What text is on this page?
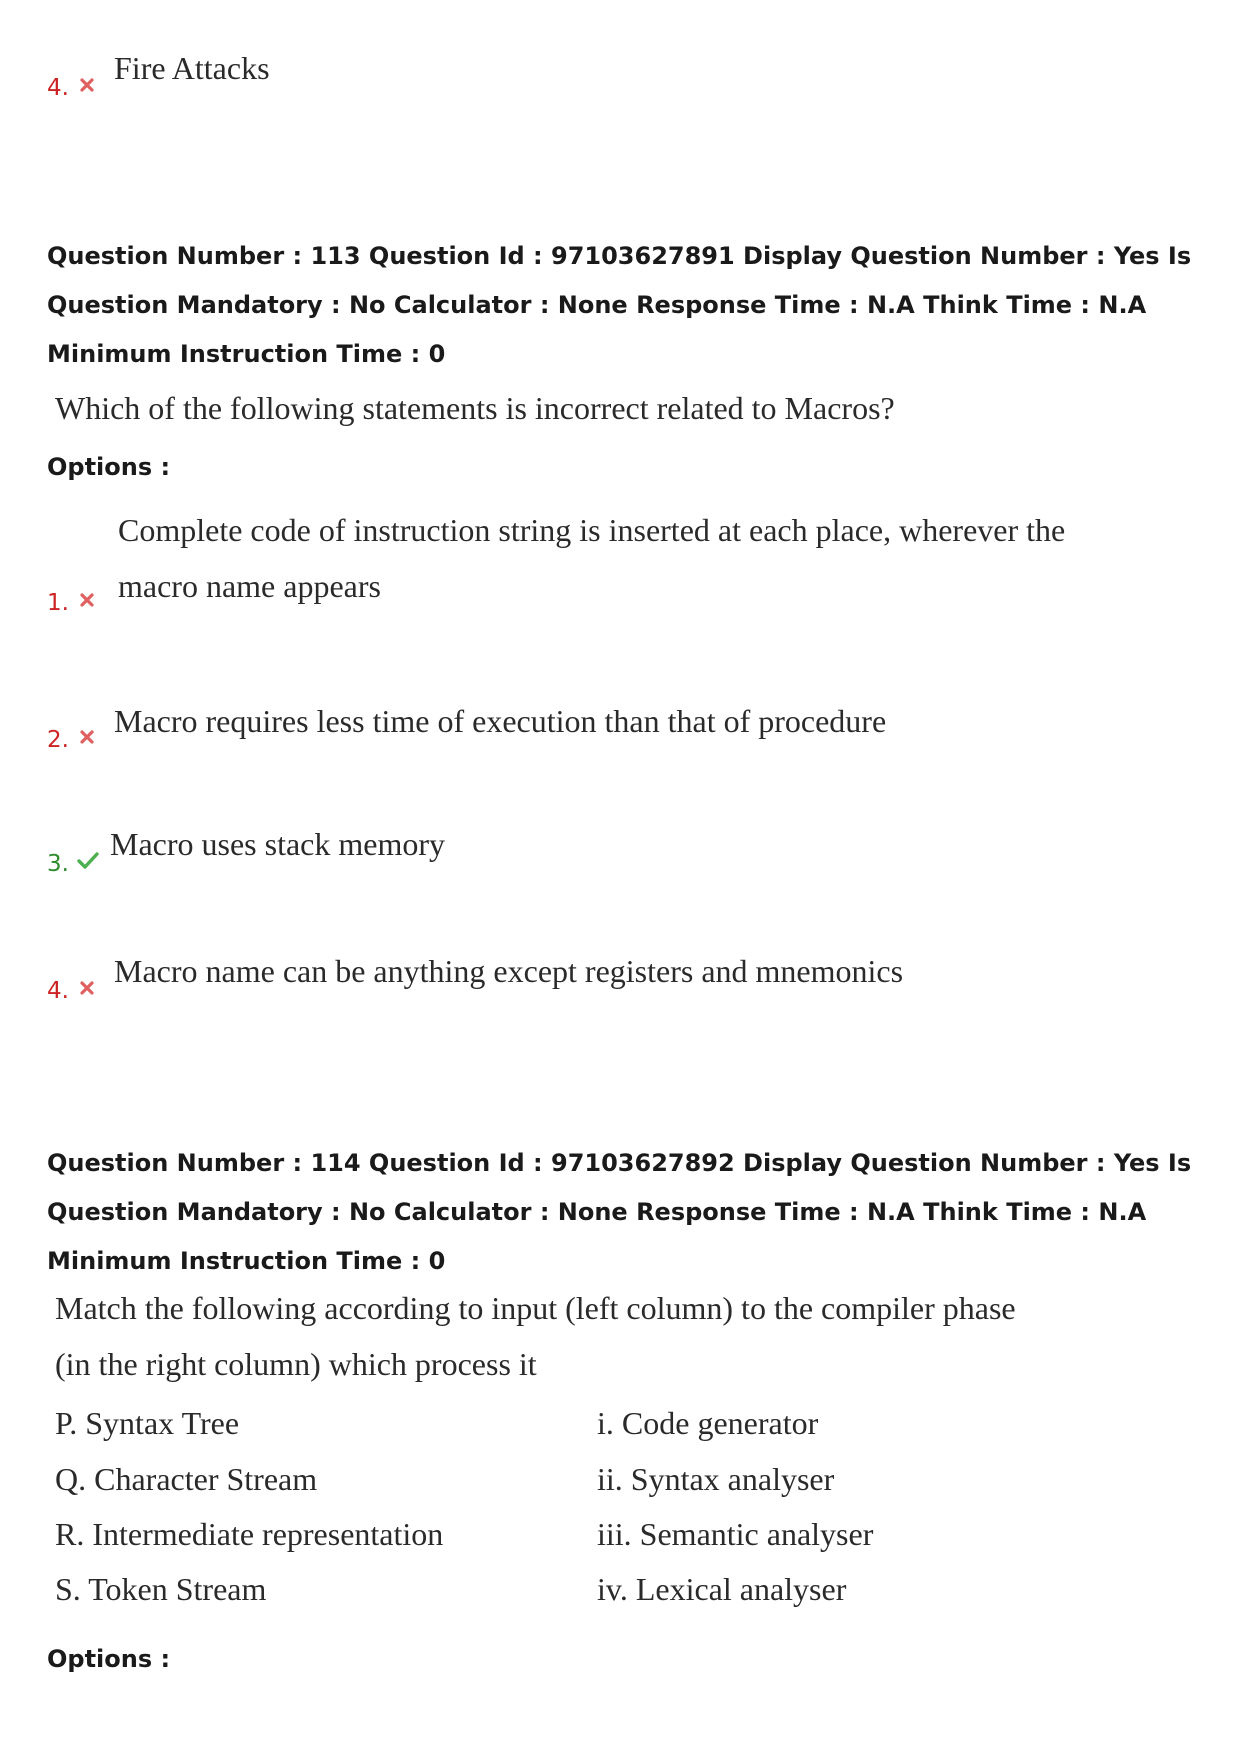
4.
Fire Attacks
Question Number : 113 Question Id : 97103627891 Display Question Number : Yes Is Question Mandatory : No Calculator : None Response Time : N.A Think Time : N.A Minimum Instruction Time : 0
Which of the following statements is incorrect related to Macros?
Options :
Complete code of instruction string is inserted at each place, wherever the
macro name appears
1.
2.
Macro requires less time of execution than that of procedure
3.
Macro uses stack memory
4.
Macro name can be anything except registers and mnemonics
Question Number : 114 Question Id : 97103627892 Display Question Number : Yes Is Question Mandatory : No Calculator : None Response Time : N.A Think Time : N.A Minimum Instruction Time : 0
Match the following according to input (left column) to the compiler phase
(in the right column) which process it
P. Syntax Tree
Q. Character Stream
R. Intermediate representation
S. Token Stream
i. Code generator
ii. Syntax analyser
iii. Semantic analyser
iv. Lexical analyser
Options :
